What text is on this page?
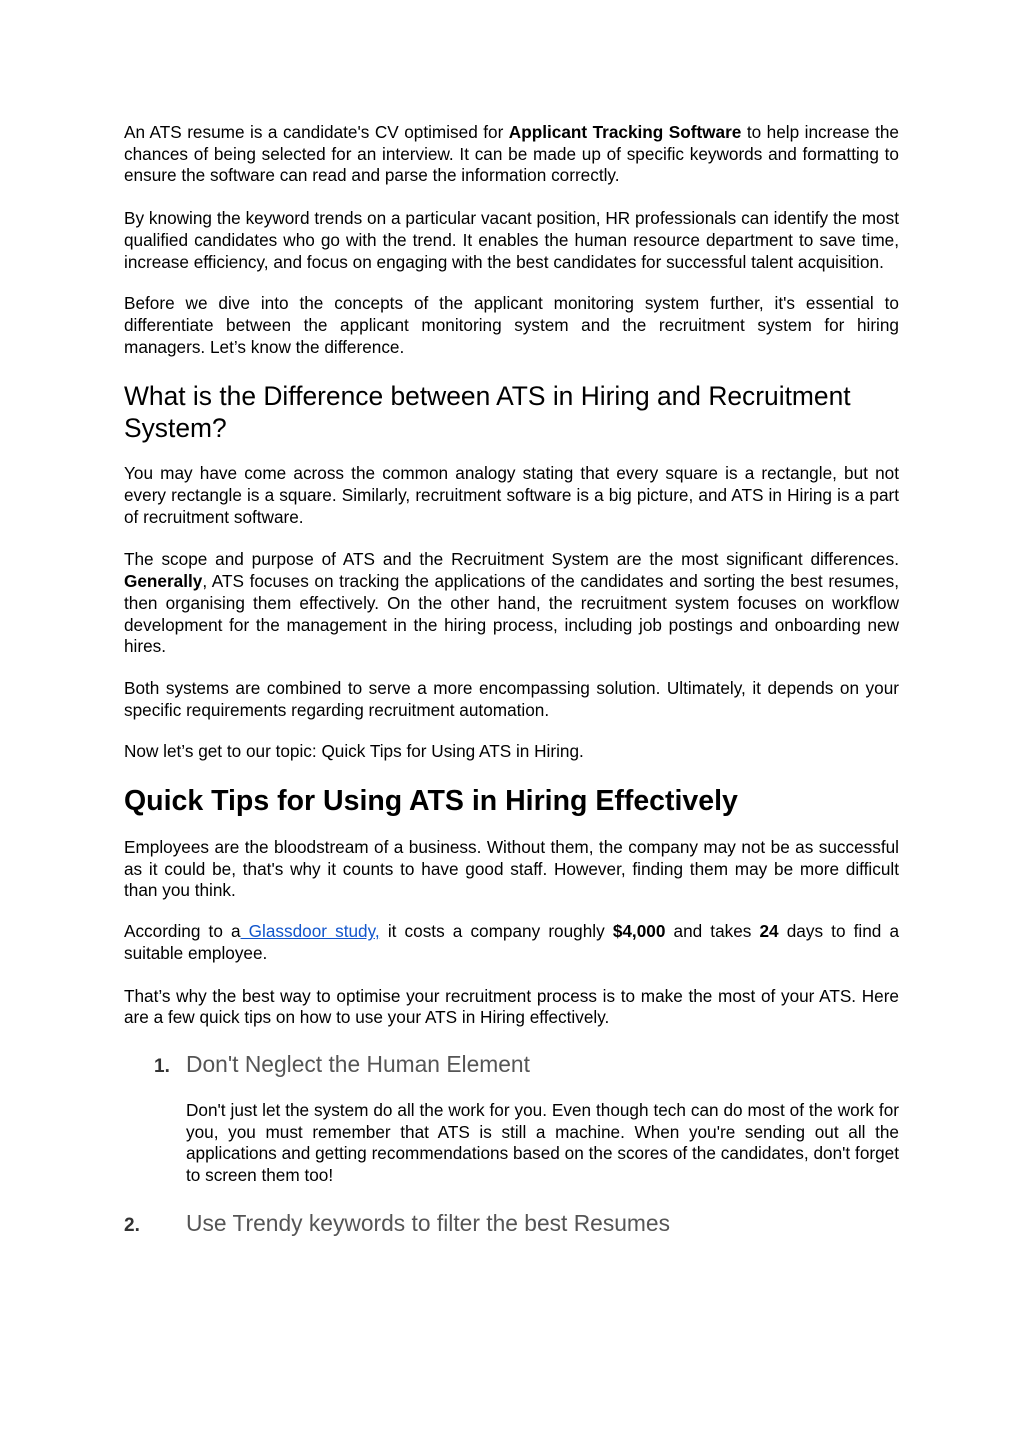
An ATS resume is a candidate's CV optimised for Applicant Tracking Software to help increase the chances of being selected for an interview. It can be made up of specific keywords and formatting to ensure the software can read and parse the information correctly.

By knowing the keyword trends on a particular vacant position, HR professionals can identify the most qualified candidates who go with the trend. It enables the human resource department to save time, increase efficiency, and focus on engaging with the best candidates for successful talent acquisition.

Before we dive into the concepts of the applicant monitoring system further, it's essential to differentiate between the applicant monitoring system and the recruitment system for hiring managers. Let’s know the difference.

What is the Difference between ATS in Hiring and Recruitment System?

You may have come across the common analogy stating that every square is a rectangle, but not every rectangle is a square. Similarly, recruitment software is a big picture, and ATS in Hiring is a part of recruitment software.

The scope and purpose of ATS and the Recruitment System are the most significant differences. Generally, ATS focuses on tracking the applications of the candidates and sorting the best resumes, then organising them effectively. On the other hand, the recruitment system focuses on workflow development for the management in the hiring process, including job postings and onboarding new hires.

Both systems are combined to serve a more encompassing solution. Ultimately, it depends on your specific requirements regarding recruitment automation.

Now let’s get to our topic: Quick Tips for Using ATS in Hiring.

Quick Tips for Using ATS in Hiring Effectively

Employees are the bloodstream of a business. Without them, the company may not be as successful as it could be, that's why it counts to have good staff. However, finding them may be more difficult than you think.

According to a Glassdoor study, it costs a company roughly $4,000 and takes 24 days to find a suitable employee.

That’s why the best way to optimise your recruitment process is to make the most of your ATS. Here are a few quick tips on how to use your ATS in Hiring effectively.

1. Don't Neglect the Human Element

Don't just let the system do all the work for you. Even though tech can do most of the work for you, you must remember that ATS is still a machine. When you're sending out all the applications and getting recommendations based on the scores of the candidates, don't forget to screen them too!

2.	Use Trendy keywords to filter the best Resumes
